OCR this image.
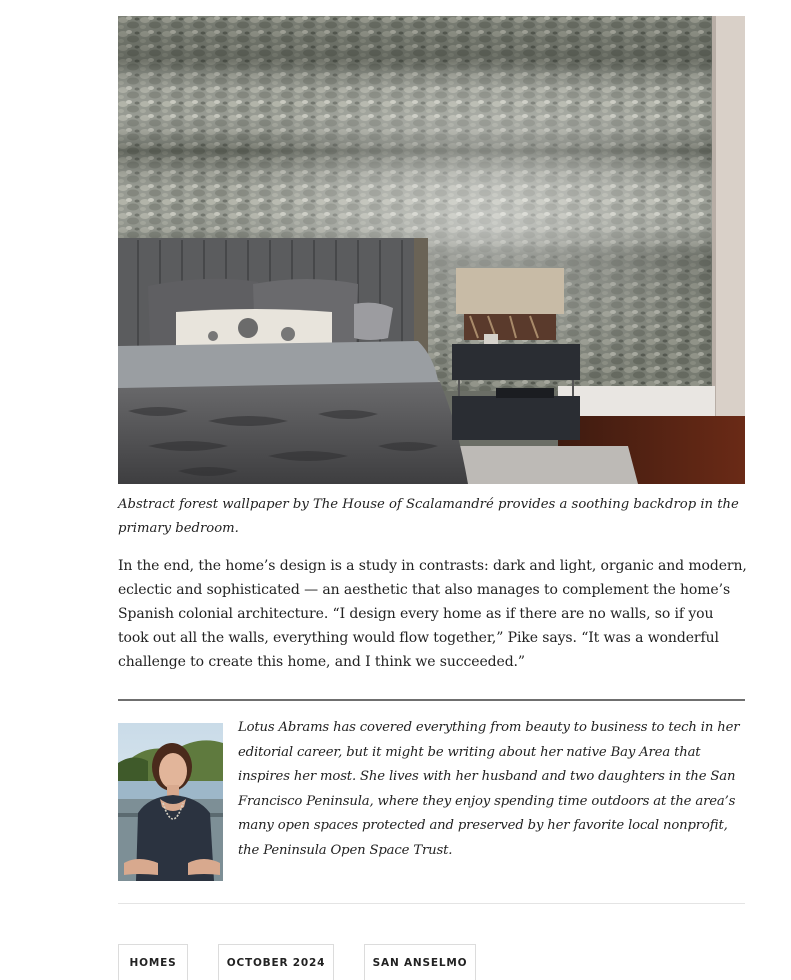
Abstract forest wallpaper by The House of Scalamandré provides a soothing backdrop in the primary bedroom.

In the end, the home’s design is a study in contrasts: dark and light, organic and modern, eclectic and sophisticated — an aesthetic that also manages to complement the home’s Spanish colonial architecture. “I design every home as if there are no walls, so if you took out all the walls, everything would flow together,” Pike says. “It was a wonderful challenge to create this home, and I think we succeeded.”

Lotus Abrams has covered everything from beauty to business to tech in her editorial career, but it might be writing about her native Bay Area that inspires her most. She lives with her husband and two daughters in the San Francisco Peninsula, where they enjoy spending time outdoors at the area’s many open spaces protected and preserved by her favorite local nonprofit, the Peninsula Open Space Trust.

HOMES	OCTOBER 2024	SAN ANSELMO
